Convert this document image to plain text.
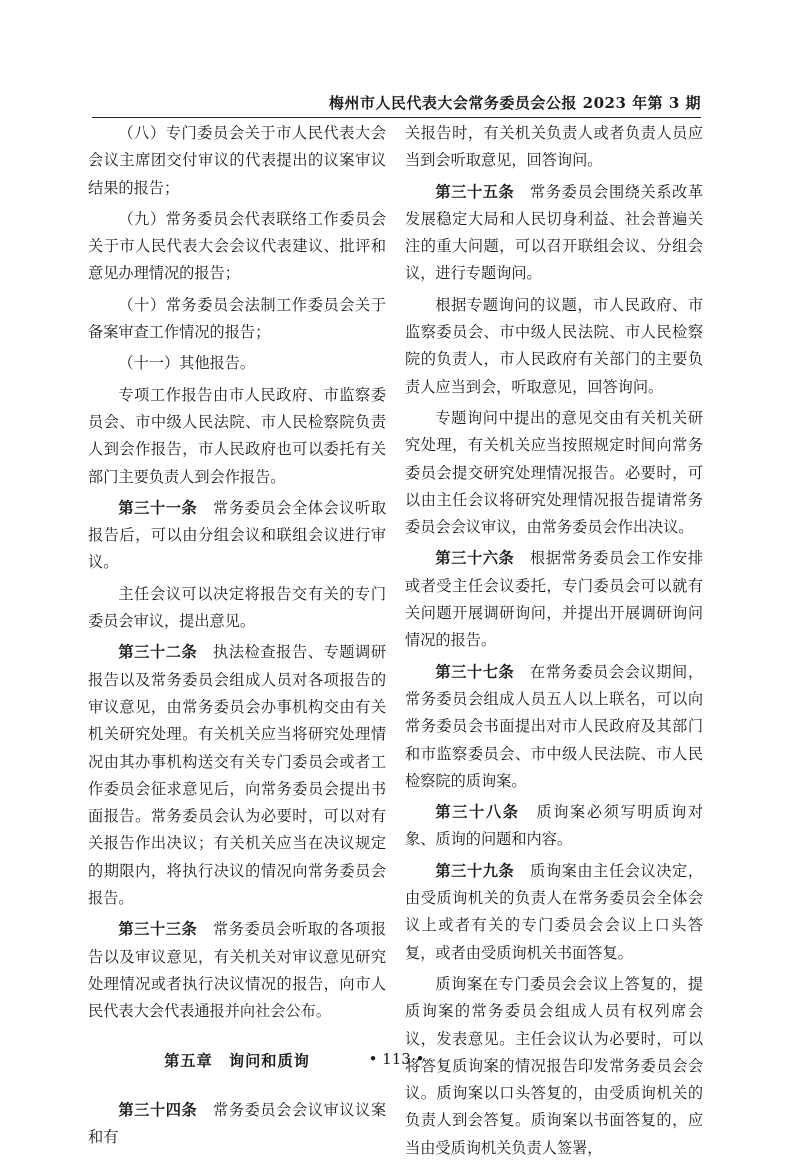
梅州市人民代表大会常务委员会公报 2023 年第 3 期

（八）专门委员会关于市人民代表大会会议主席团交付审议的代表提出的议案审议结果的报告；

（九）常务委员会代表联络工作委员会关于市人民代表大会会议代表建议、批评和意见办理情况的报告；

（十）常务委员会法制工作委员会关于备案审查工作情况的报告；

（十一）其他报告。

专项工作报告由市人民政府、市监察委员会、市中级人民法院、市人民检察院负责人到会作报告，市人民政府也可以委托有关部门主要负责人到会作报告。

第三十一条　常务委员会全体会议听取报告后，可以由分组会议和联组会议进行审议。

主任会议可以决定将报告交有关的专门委员会审议，提出意见。

第三十二条　执法检查报告、专题调研报告以及常务委员会组成人员对各项报告的审议意见，由常务委员会办事机构交由有关机关研究处理。有关机关应当将研究处理情况由其办事机构送交有关专门委员会或者工作委员会征求意见后，向常务委员会提出书面报告。常务委员会认为必要时，可以对有关报告作出决议；有关机关应当在决议规定的期限内，将执行决议的情况向常务委员会报告。

第三十三条　常务委员会听取的各项报告以及审议意见，有关机关对审议意见研究处理情况或者执行决议情况的报告，向市人民代表大会代表通报并向社会公布。

第五章　询问和质询

第三十四条　常务委员会会议审议议案和有

关报告时，有关机关负责人或者负责人员应当到会听取意见，回答询问。

第三十五条　常务委员会围绕关系改革发展稳定大局和人民切身利益、社会普遍关注的重大问题，可以召开联组会议、分组会议，进行专题询问。

根据专题询问的议题，市人民政府、市监察委员会、市中级人民法院、市人民检察院的负责人，市人民政府有关部门的主要负责人应当到会，听取意见，回答询问。

专题询问中提出的意见交由有关机关研究处理，有关机关应当按照规定时间向常务委员会提交研究处理情况报告。必要时，可以由主任会议将研究处理情况报告提请常务委员会会议审议，由常务委员会作出决议。

第三十六条　根据常务委员会工作安排或者受主任会议委托，专门委员会可以就有关问题开展调研询问，并提出开展调研询问情况的报告。

第三十七条　在常务委员会会议期间，常务委员会组成人员五人以上联名，可以向常务委员会书面提出对市人民政府及其部门和市监察委员会、市中级人民法院、市人民检察院的质询案。

第三十八条　质询案必须写明质询对象、质询的问题和内容。

第三十九条　质询案由主任会议决定，由受质询机关的负责人在常务委员会全体会议上或者有关的专门委员会会议上口头答复，或者由受质询机关书面答复。

质询案在专门委员会会议上答复的，提质询案的常务委员会组成人员有权列席会议，发表意见。主任会议认为必要时，可以将答复质询案的情况报告印发常务委员会会议。质询案以口头答复的，由受质询机关的负责人到会答复。质询案以书面答复的，应当由受质询机关负责人签署，

• 113 •
